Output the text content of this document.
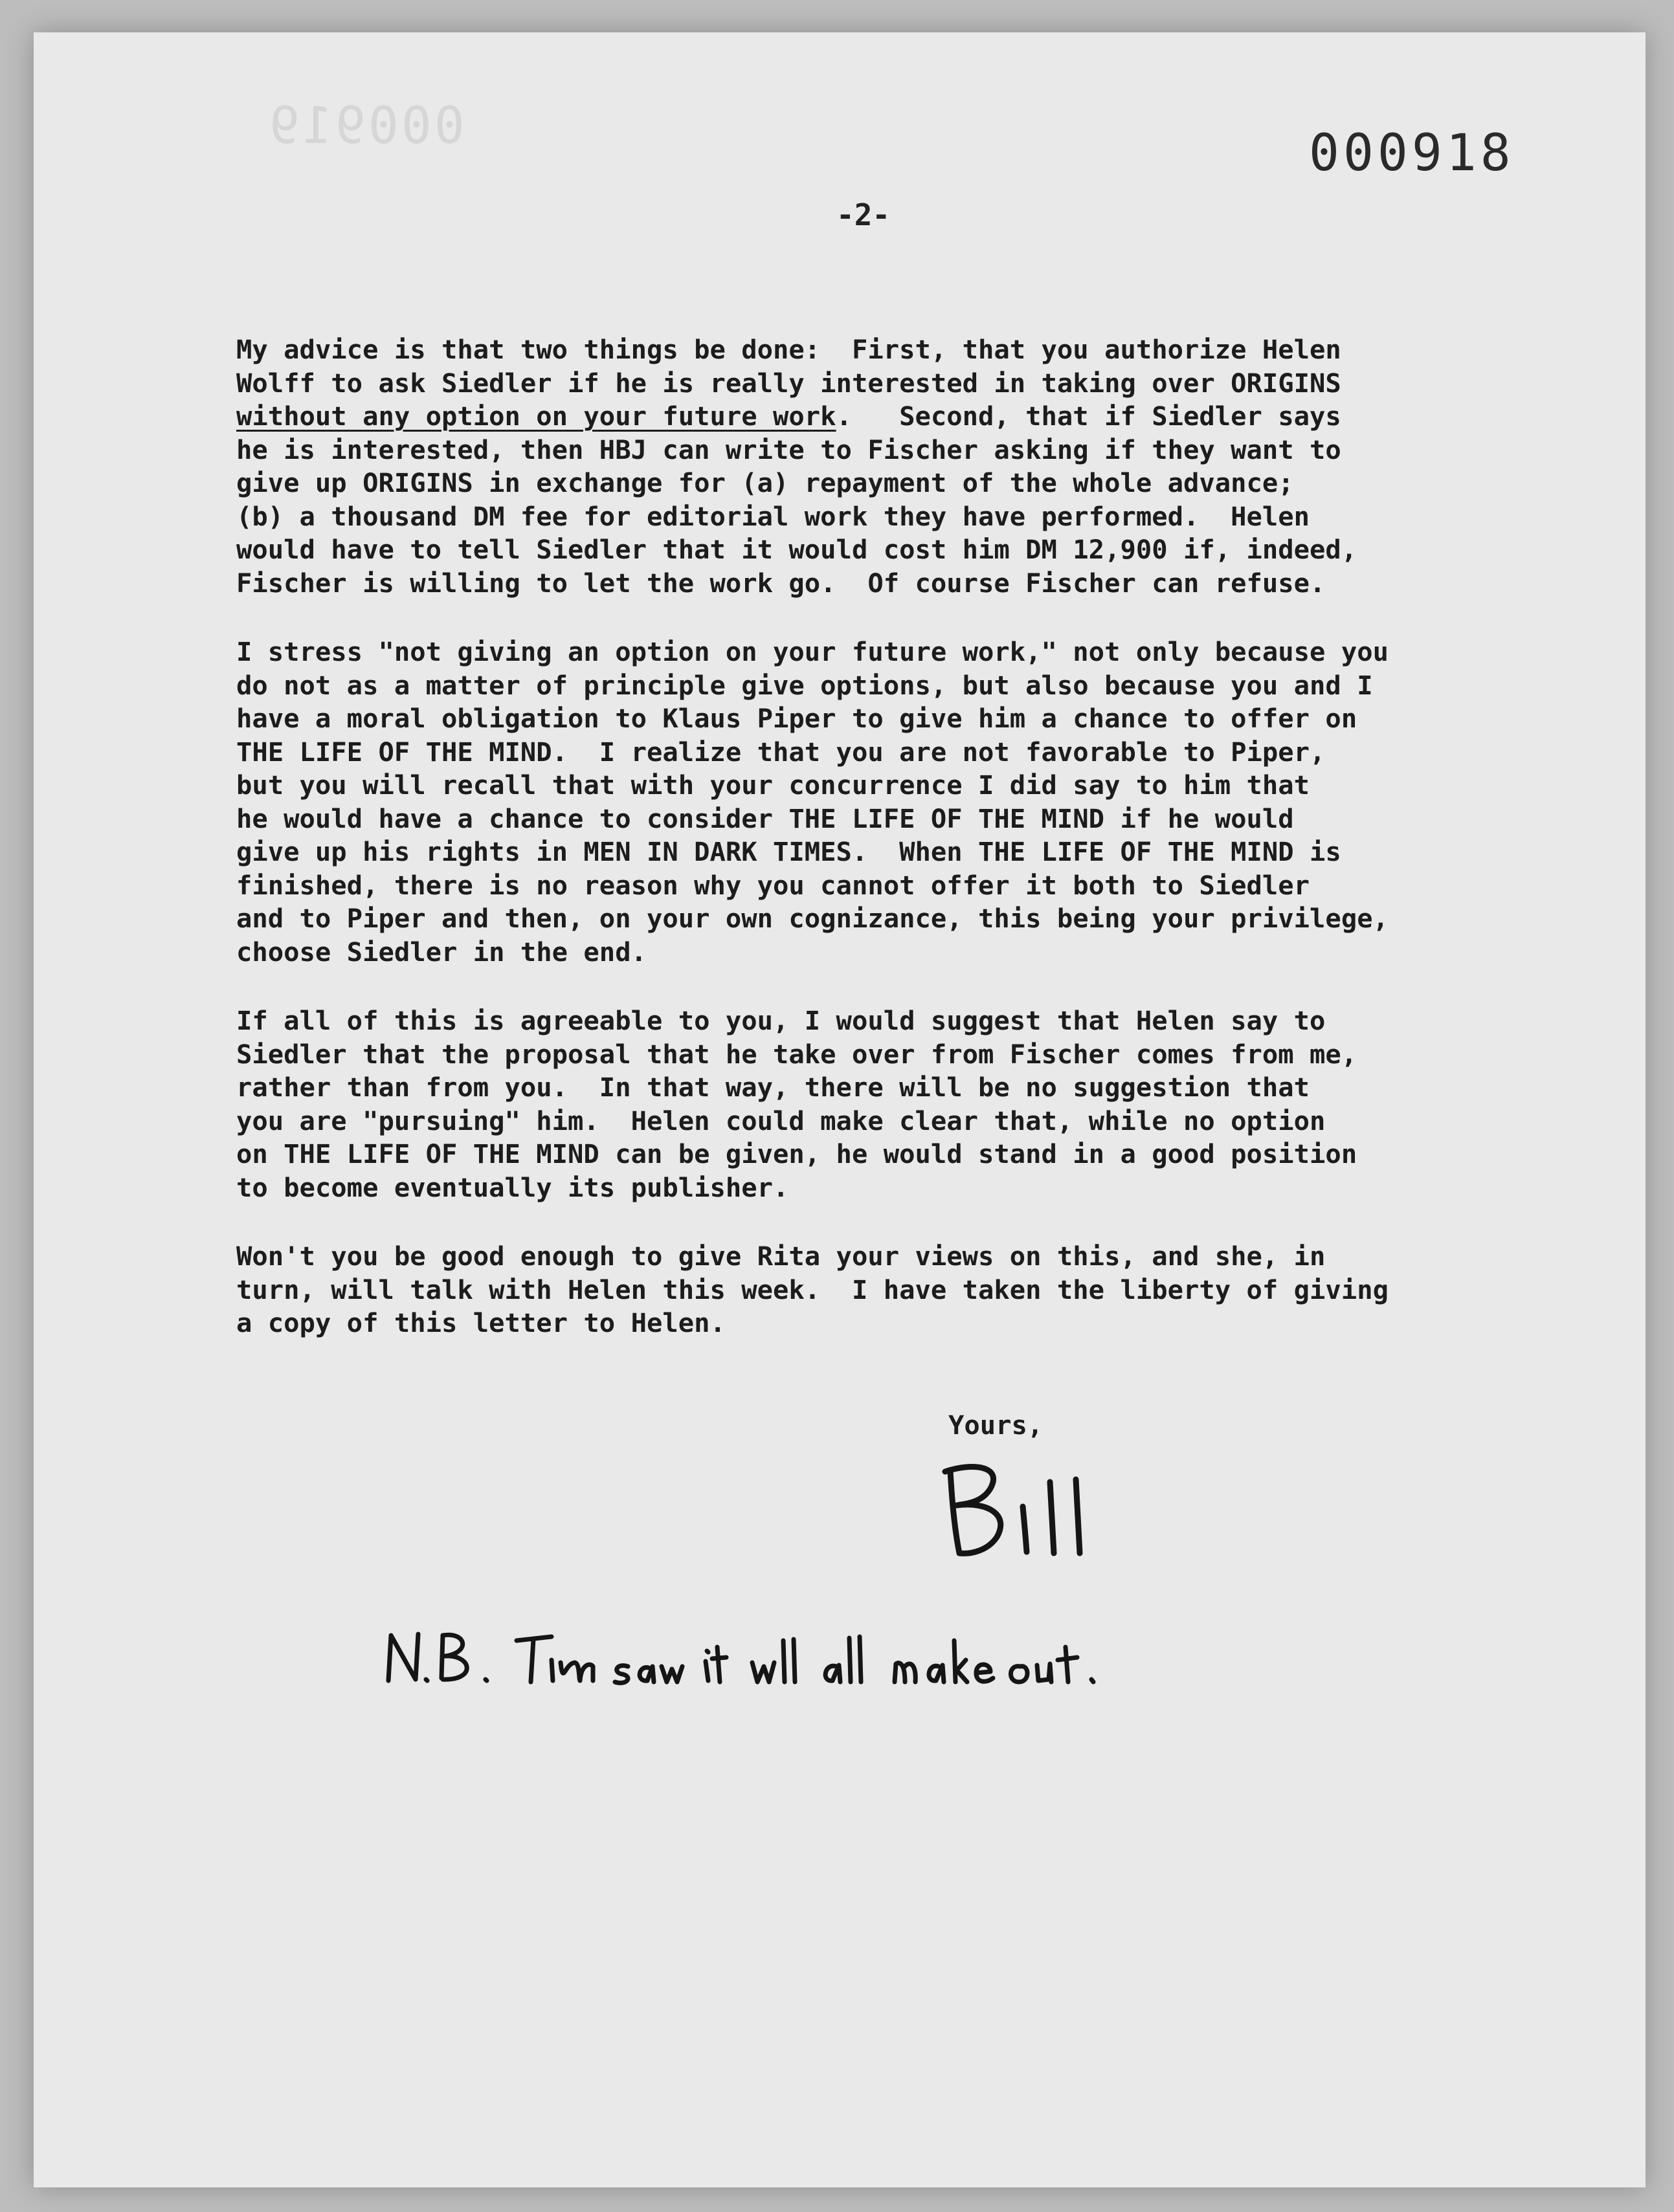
000919	000918
-2-
My advice is that two things be done:  First, that you authorize Helen
Wolff to ask Siedler if he is really interested in taking over ORIGINS
without any option on your future work.   Second, that if Siedler says
he is interested, then HBJ can write to Fischer asking if they want to
give up ORIGINS in exchange for (a) repayment of the whole advance;
(b) a thousand DM fee for editorial work they have performed.  Helen
would have to tell Siedler that it would cost him DM 12,900 if, indeed,
Fischer is willing to let the work go.  Of course Fischer can refuse.
I stress "not giving an option on your future work," not only because you
do not as a matter of principle give options, but also because you and I
have a moral obligation to Klaus Piper to give him a chance to offer on
THE LIFE OF THE MIND.  I realize that you are not favorable to Piper,
but you will recall that with your concurrence I did say to him that
he would have a chance to consider THE LIFE OF THE MIND if he would
give up his rights in MEN IN DARK TIMES.  When THE LIFE OF THE MIND is
finished, there is no reason why you cannot offer it both to Siedler
and to Piper and then, on your own cognizance, this being your privilege,
choose Siedler in the end.
If all of this is agreeable to you, I would suggest that Helen say to
Siedler that the proposal that he take over from Fischer comes from me,
rather than from you.  In that way, there will be no suggestion that
you are "pursuing" him.  Helen could make clear that, while no option
on THE LIFE OF THE MIND can be given, he would stand in a good position
to become eventually its publisher.
Won't you be good enough to give Rita your views on this, and she, in
turn, will talk with Helen this week.  I have taken the liberty of giving
a copy of this letter to Helen.
Yours,
